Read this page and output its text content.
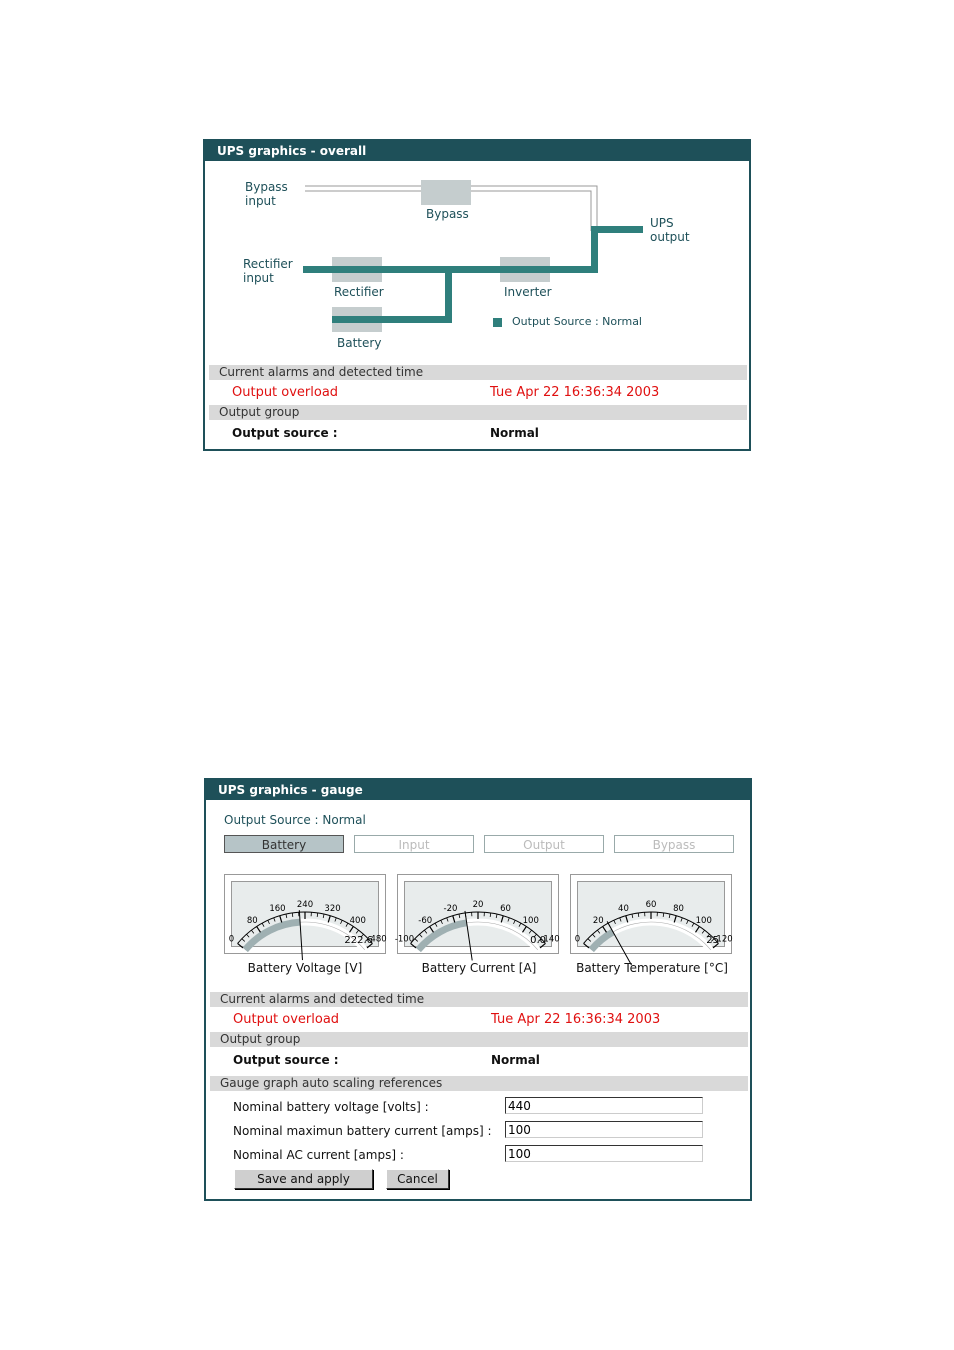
UPS graphics - overall
Bypass
input
Bypass
UPS
output
Rectifier
input
Rectifier	Inverter
Battery
Output Source : Normal
Current alarms and detected time
Output overload	Tue Apr 22 16:36:34 2003
Output group
Output source :	Normal
UPS graphics - gauge
Output Source : Normal
Battery	Input	Output	Bypass
0
80
160 240 320
400
480
222.6	-100
-60
-20 20 60
100
140
0.0	0
20
40 60 80
100
120
25
Battery Voltage [V]	Battery Current [A]	Battery Temperature [°C]
Current alarms and detected time
Output overload	Tue Apr 22 16:36:34 2003
Output group
Output source :	Normal
Gauge graph auto scaling references
Nominal battery voltage [volts] :
440
Nominal maximun battery current [amps] :
100
Nominal AC current [amps] :
100
Save and apply	Cancel
